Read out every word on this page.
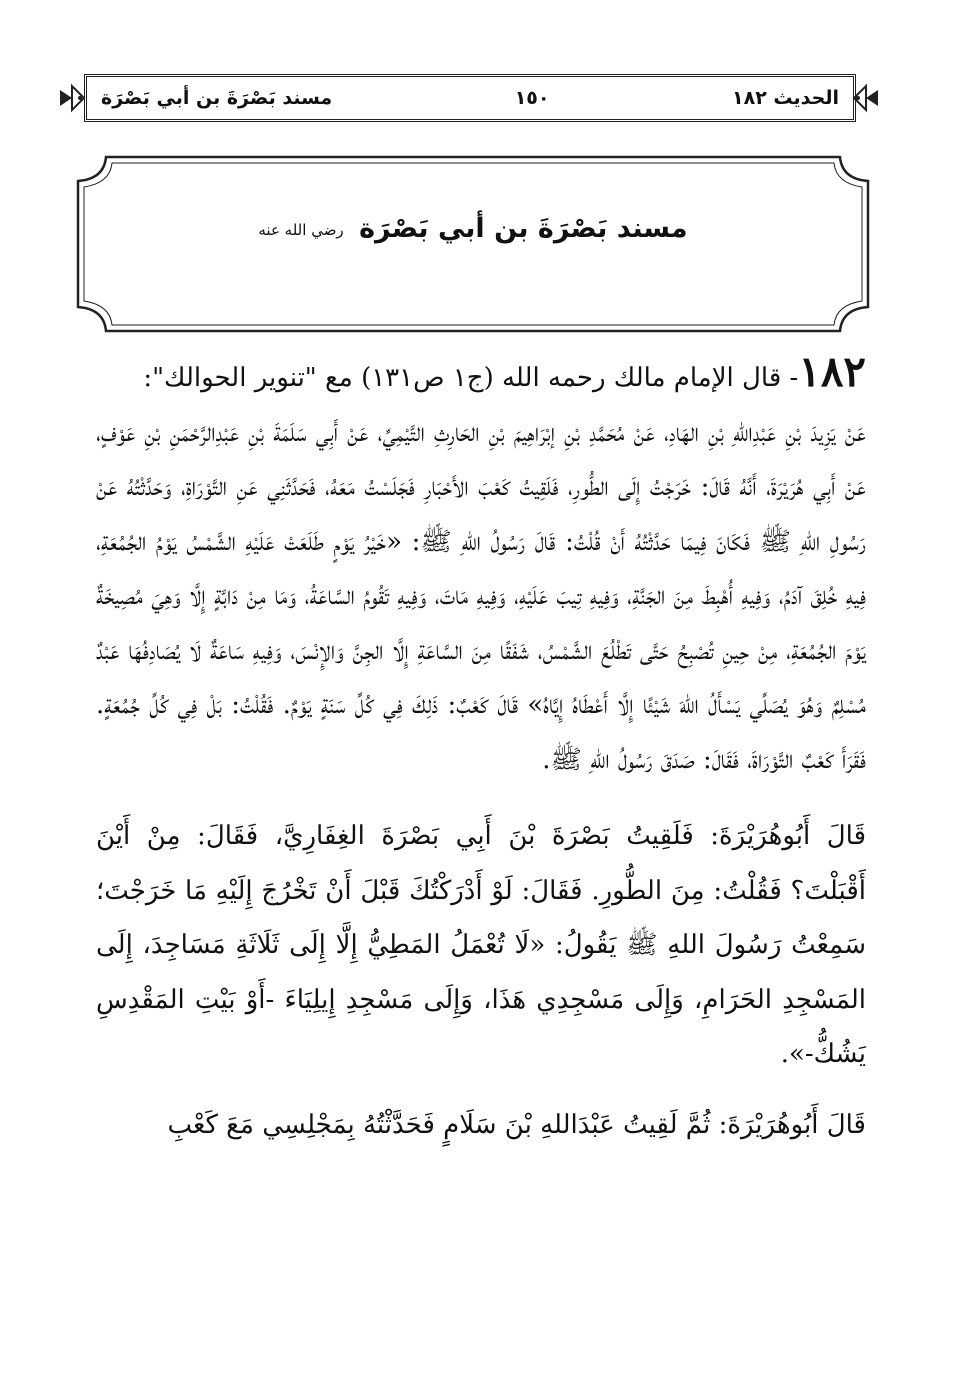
الحديث ١٨٢
١٥٠
مسند بَصْرَةَ بن أبي بَصْرَة
مسند بَصْرَةَ بن أبي بَصْرَة رضي الله عنه

١٨٢- قال الإمام مالك رحمه الله (ج١ ص١٣١) مع "تنوير الحوالك":

عَنْ يَزِيدَ بْنِ عَبْدِاللهِ بْنِ الهَادِ، عَنْ مُحَمَّدِ بْنِ إبْرَاهِيمَ بْنِ الحَارِثِ التَّيْمِيِّ، عَنْ أَبِي سَلَمَةَ بْنِ عَبْدِالرَّحْمَنِ بْنِ عَوْفٍ، عَنْ أَبِي هُرَيْرَةَ، أَنَّهُ قَالَ: خَرَجْتُ إِلَى الطُّورِ، فَلَقِيتُ كَعْبَ الأَحْبَارِ فَجَلَسْتُ مَعَهُ، فَحَدَّثَنِي عَنِ التَّوْرَاةِ، وَحَدَّثْتُهُ عَنْ رَسُولِ اللهِ ﷺ فَكَانَ فِيمَا حَدَّثْتُهُ أَنْ قُلْتُ: قَالَ رَسُولُ اللهِ ﷺ: «خَيْرُ يَوْمٍ طَلَعَتْ عَلَيْهِ الشَّمْسُ يَوْمُ الجُمُعَةِ، فِيهِ خُلِقَ آدَمُ، وَفِيهِ أُهْبِطَ مِنَ الجَنَّةِ، وَفِيهِ تِيبَ عَلَيْهِ، وَفِيهِ مَاتَ، وَفِيهِ تَقُومُ السَّاعَةُ، وَمَا مِنْ دَابَّةٍ إِلَّا وَهِيَ مُصِيخَةٌ يَوْمَ الجُمُعَةِ، مِنْ حِينِ تُصْبِحُ حَتَّى تَطْلُعَ الشَّمْسُ، شَفَقًا مِنَ السَّاعَةِ إِلَّا الجِنَّ وَالإِنْسَ، وَفِيهِ سَاعَةٌ لَا يُصَادِفُهَا عَبْدٌ مُسْلِمٌ وَهُوَ يُصَلِّي يَسْأَلُ اللهَ شَيْئًا إِلَّا أَعْطَاهُ إِيَّاهُ» قَالَ كَعْبٌ: ذَلِكَ فِي كُلِّ سَنَةٍ يَوْمٌ. فَقُلْتُ: بَلْ فِي كُلِّ جُمُعَةٍ. فَقَرَأَ كَعْبٌ التَّوْرَاةَ، فَقَالَ: صَدَقَ رَسُولُ اللهِ ﷺ.

قَالَ أَبُوهُرَيْرَةَ: فَلَقِيتُ بَصْرَةَ بْنَ أَبِي بَصْرَةَ الغِفَارِيَّ، فَقَالَ: مِنْ أَيْنَ أَقْبَلْتَ؟ فَقُلْتُ: مِنَ الطُّورِ. فَقَالَ: لَوْ أَدْرَكْتُكَ قَبْلَ أَنْ تَخْرُجَ إِلَيْهِ مَا خَرَجْتَ؛ سَمِعْتُ رَسُولَ اللهِ ﷺ يَقُولُ: «لَا تُعْمَلُ المَطِيُّ إِلَّا إِلَى ثَلَاثَةِ مَسَاجِدَ، إِلَى المَسْجِدِ الحَرَامِ، وَإِلَى مَسْجِدِي هَذَا، وَإِلَى مَسْجِدِ إِيلِيَاءَ -أَوْ بَيْتِ المَقْدِسِ يَشُكُّ-».

قَالَ أَبُوهُرَيْرَةَ: ثُمَّ لَقِيتُ عَبْدَاللهِ بْنَ سَلَامٍ فَحَدَّثْتُهُ بِمَجْلِسِي مَعَ كَعْبِ
